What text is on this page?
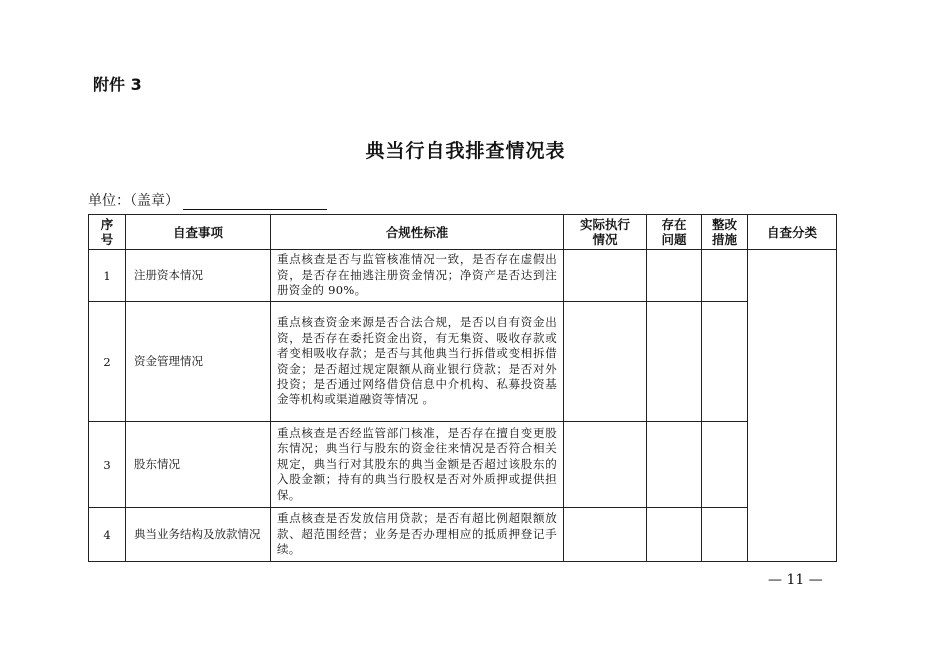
附件 3
典当行自我排查情况表
单位：（盖章）
序号	自查事项	合规性标准	实际执行情况	存在问题	整改措施	自查分类
1	注册资本情况	重点核查是否与监管核准情况一致，是否存在虚假出资，是否存在抽逃注册资金情况；净资产是否达到注册资金的 90%。				
2	资金管理情况	重点核查资金来源是否合法合规，是否以自有资金出资，是否存在委托资金出资，有无集资、吸收存款或者变相吸收存款；是否与其他典当行拆借或变相拆借资金；是否超过规定限额从商业银行贷款；是否对外投资；是否通过网络借贷信息中介机构、私募投资基金等机构或渠道融资等情况 。				
3	股东情况	重点核查是否经监管部门核准，是否存在擅自变更股东情况；典当行与股东的资金往来情况是否符合相关规定，典当行对其股东的典当金额是否超过该股东的入股金额；持有的典当行股权是否对外质押或提供担保。				
4	典当业务结构及放款情况	重点核查是否发放信用贷款；是否有超比例超限额放款、超范围经营；业务是否办理相应的抵质押登记手续。				
— 11 —
